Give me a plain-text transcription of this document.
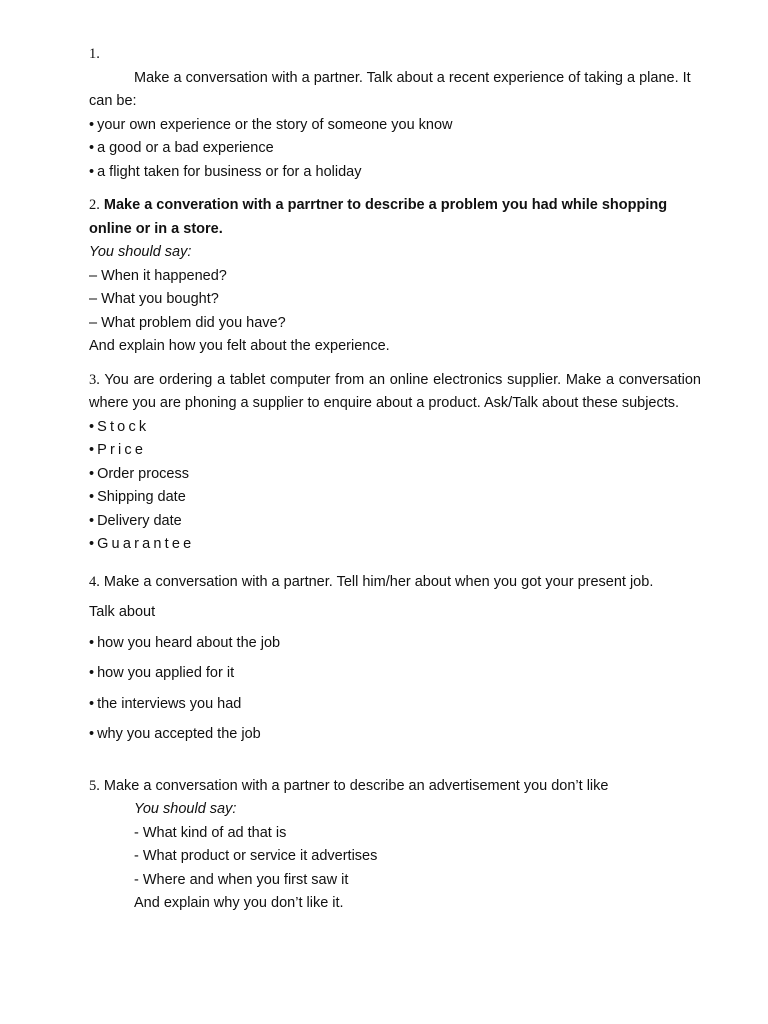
1.

Make a conversation with a partner. Talk about a recent experience of taking a plane. It can be:

• your own experience or the story of someone you know

• a good or a bad experience

• a flight taken for business or for a holiday

2. Make a converation with a parrtner to describe a problem you had while shopping online or in a store.

You should say:

– When it happened?

– What you bought?

– What problem did you have?

And explain how you felt about the experience.

3. You are ordering a tablet computer from an online electronics supplier. Make a conversation where you are phoning a supplier to enquire about a product. Ask/Talk about these subjects.

• Stock

• Price

• Order process

• Shipping date

• Delivery date

• Guarantee

4. Make a conversation with a partner. Tell him/her about when you got your present job.

Talk about

• how you heard about the job

• how you applied for it

• the interviews you had

• why you accepted the job

5. Make a conversation with a partner to describe an advertisement you don’t like

You should say:

- What kind of ad that is

- What product or service it advertises

- Where and when you first saw it

And explain why you don’t like it.
